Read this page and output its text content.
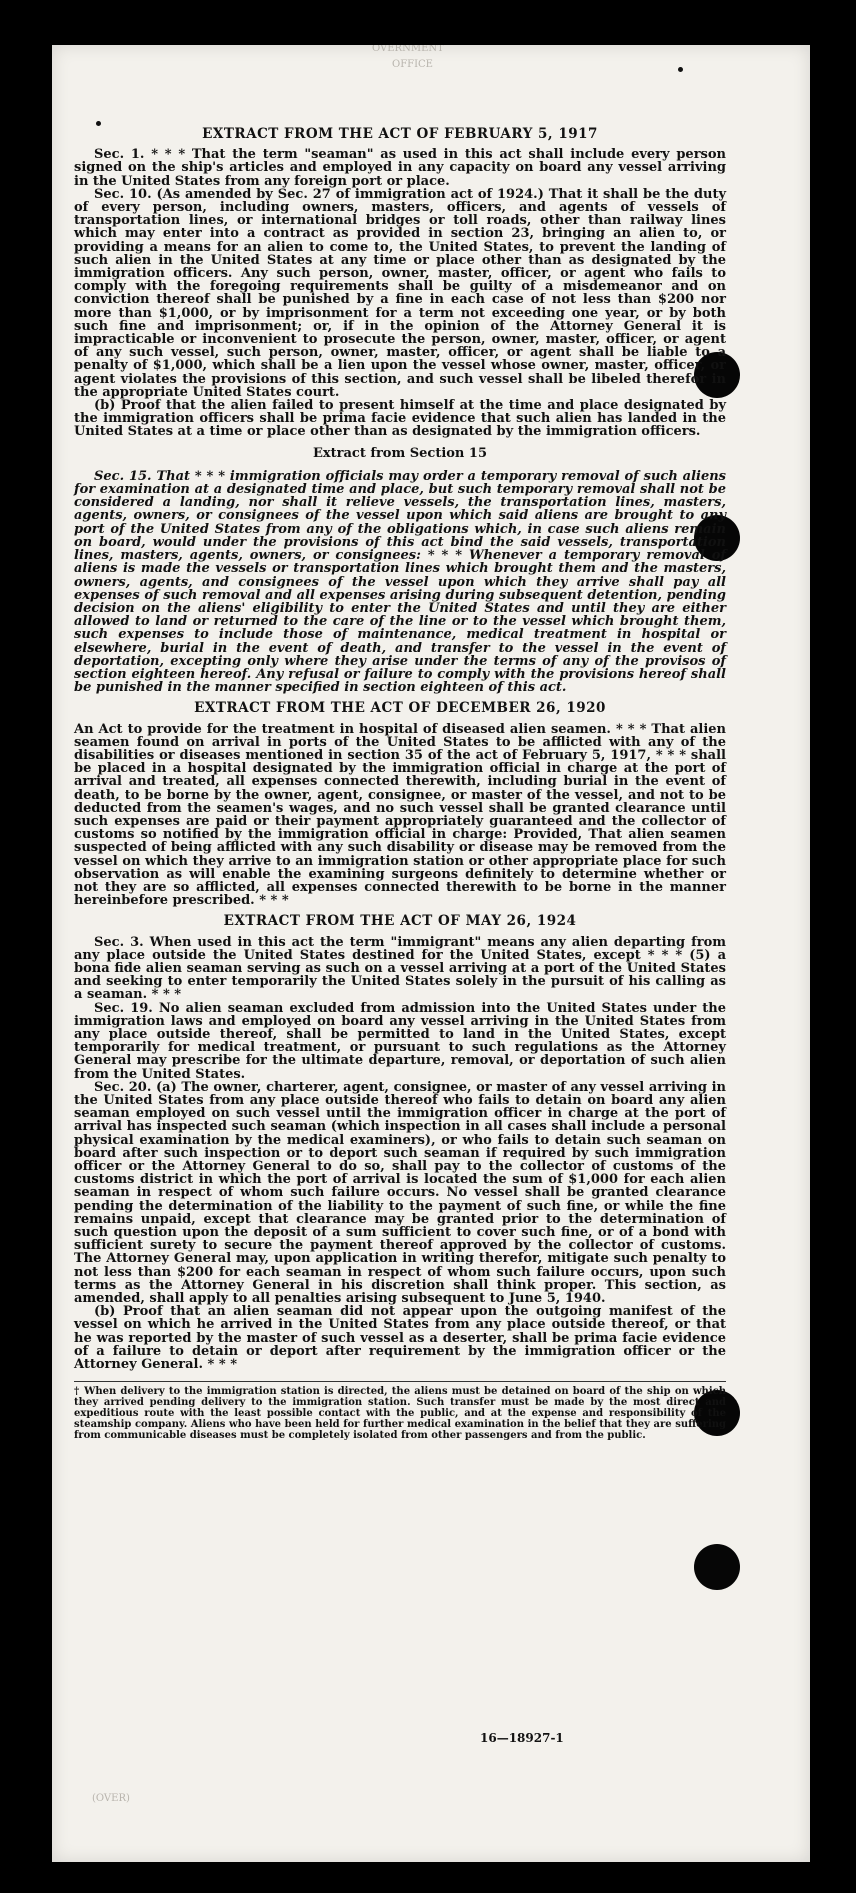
OVERNMENT
OFFICE
(OVER)
EXTRACT FROM THE ACT OF FEBRUARY 5, 1917

Sec. 1. * * * That the term "seaman" as used in this act shall include every person signed on the ship's articles and employed in any capacity on board any vessel arriving in the United States from any foreign port or place.

Sec. 10. (As amended by Sec. 27 of immigration act of 1924.) That it shall be the duty of every person, including owners, masters, officers, and agents of vessels of transportation lines, or international bridges or toll roads, other than railway lines which may enter into a contract as provided in section 23, bringing an alien to, or providing a means for an alien to come to, the United States, to prevent the landing of such alien in the United States at any time or place other than as designated by the immigration officers. Any such person, owner, master, officer, or agent who fails to comply with the foregoing requirements shall be guilty of a misdemeanor and on conviction thereof shall be punished by a fine in each case of not less than $200 nor more than $1,000, or by imprisonment for a term not exceeding one year, or by both such fine and imprisonment; or, if in the opinion of the Attorney General it is impracticable or inconvenient to prosecute the person, owner, master, officer, or agent of any such vessel, such person, owner, master, officer, or agent shall be liable to a penalty of $1,000, which shall be a lien upon the vessel whose owner, master, officer, or agent violates the provisions of this section, and such vessel shall be libeled therefor in the appropriate United States court.

(b) Proof that the alien failed to present himself at the time and place designated by the immigration officers shall be prima facie evidence that such alien has landed in the United States at a time or place other than as designated by the immigration officers.

Extract from Section 15

Sec. 15. That * * * immigration officials may order a temporary removal of such aliens for examination at a designated time and place, but such temporary removal shall not be considered a landing, nor shall it relieve vessels, the transportation lines, masters, agents, owners, or consignees of the vessel upon which said aliens are brought to any port of the United States from any of the obligations which, in case such aliens remain on board, would under the provisions of this act bind the said vessels, transportation lines, masters, agents, owners, or consignees: * * * Whenever a temporary removal of aliens is made the vessels or transportation lines which brought them and the masters, owners, agents, and consignees of the vessel upon which they arrive shall pay all expenses of such removal and all expenses arising during subsequent detention, pending decision on the aliens' eligibility to enter the United States and until they are either allowed to land or returned to the care of the line or to the vessel which brought them, such expenses to include those of maintenance, medical treatment in hospital or elsewhere, burial in the event of death, and transfer to the vessel in the event of deportation, excepting only where they arise under the terms of any of the provisos of section eighteen hereof. Any refusal or failure to comply with the provisions hereof shall be punished in the manner specified in section eighteen of this act.

EXTRACT FROM THE ACT OF DECEMBER 26, 1920

An Act to provide for the treatment in hospital of diseased alien seamen. * * * That alien seamen found on arrival in ports of the United States to be afflicted with any of the disabilities or diseases mentioned in section 35 of the act of February 5, 1917, * * * shall be placed in a hospital designated by the immigration official in charge at the port of arrival and treated, all expenses connected therewith, including burial in the event of death, to be borne by the owner, agent, consignee, or master of the vessel, and not to be deducted from the seamen's wages, and no such vessel shall be granted clearance until such expenses are paid or their payment appropriately guaranteed and the collector of customs so notified by the immigration official in charge: Provided, That alien seamen suspected of being afflicted with any such disability or disease may be removed from the vessel on which they arrive to an immigration station or other appropriate place for such observation as will enable the examining surgeons definitely to determine whether or not they are so afflicted, all expenses connected therewith to be borne in the manner hereinbefore prescribed. * * *

EXTRACT FROM THE ACT OF MAY 26, 1924

Sec. 3. When used in this act the term "immigrant" means any alien departing from any place outside the United States destined for the United States, except * * * (5) a bona fide alien seaman serving as such on a vessel arriving at a port of the United States and seeking to enter temporarily the United States solely in the pursuit of his calling as a seaman. * * *

Sec. 19. No alien seaman excluded from admission into the United States under the immigration laws and employed on board any vessel arriving in the United States from any place outside thereof, shall be permitted to land in the United States, except temporarily for medical treatment, or pursuant to such regulations as the Attorney General may prescribe for the ultimate departure, removal, or deportation of such alien from the United States.

Sec. 20. (a) The owner, charterer, agent, consignee, or master of any vessel arriving in the United States from any place outside thereof who fails to detain on board any alien seaman employed on such vessel until the immigration officer in charge at the port of arrival has inspected such seaman (which inspection in all cases shall include a personal physical examination by the medical examiners), or who fails to detain such seaman on board after such inspection or to deport such seaman if required by such immigration officer or the Attorney General to do so, shall pay to the collector of customs of the customs district in which the port of arrival is located the sum of $1,000 for each alien seaman in respect of whom such failure occurs. No vessel shall be granted clearance pending the determination of the liability to the payment of such fine, or while the fine remains unpaid, except that clearance may be granted prior to the determination of such question upon the deposit of a sum sufficient to cover such fine, or of a bond with sufficient surety to secure the payment thereof approved by the collector of customs. The Attorney General may, upon application in writing therefor, mitigate such penalty to not less than $200 for each seaman in respect of whom such failure occurs, upon such terms as the Attorney General in his discretion shall think proper. This section, as amended, shall apply to all penalties arising subsequent to June 5, 1940.

(b) Proof that an alien seaman did not appear upon the outgoing manifest of the vessel on which he arrived in the United States from any place outside thereof, or that he was reported by the master of such vessel as a deserter, shall be prima facie evidence of a failure to detain or deport after requirement by the immigration officer or the Attorney General. * * *

† When delivery to the immigration station is directed, the aliens must be detained on board of the ship on which they arrived pending delivery to the immigration station. Such transfer must be made by the most direct and expeditious route with the least possible contact with the public, and at the expense and responsibility of the steamship company. Aliens who have been held for further medical examination in the belief that they are suffering from communicable diseases must be completely isolated from other passengers and from the public.
16—18927-1
